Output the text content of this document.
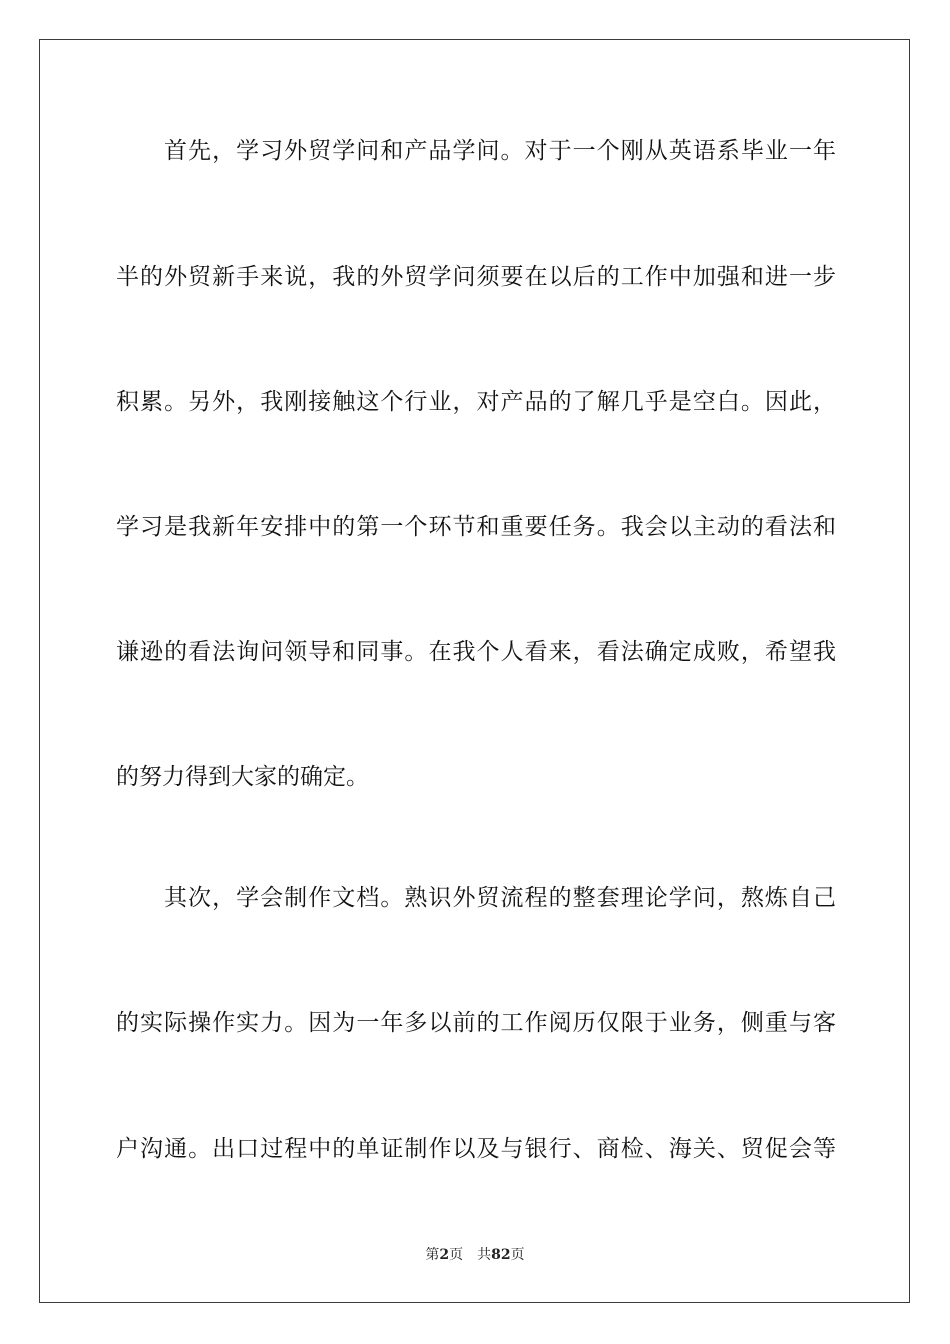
首先，学习外贸学问和产品学问。对于一个刚从英语系毕业一年
半的外贸新手来说，我的外贸学问须要在以后的工作中加强和进一步
积累。另外，我刚接触这个行业，对产品的了解几乎是空白。因此，
学习是我新年安排中的第一个环节和重要任务。我会以主动的看法和
谦逊的看法询问领导和同事。在我个人看来，看法确定成败，希望我
的努力得到大家的确定。
其次，学会制作文档。熟识外贸流程的整套理论学问，熬炼自己
的实际操作实力。因为一年多以前的工作阅历仅限于业务，侧重与客
户沟通。出口过程中的单证制作以及与银行、商检、海关、贸促会等
第2页 共82页
